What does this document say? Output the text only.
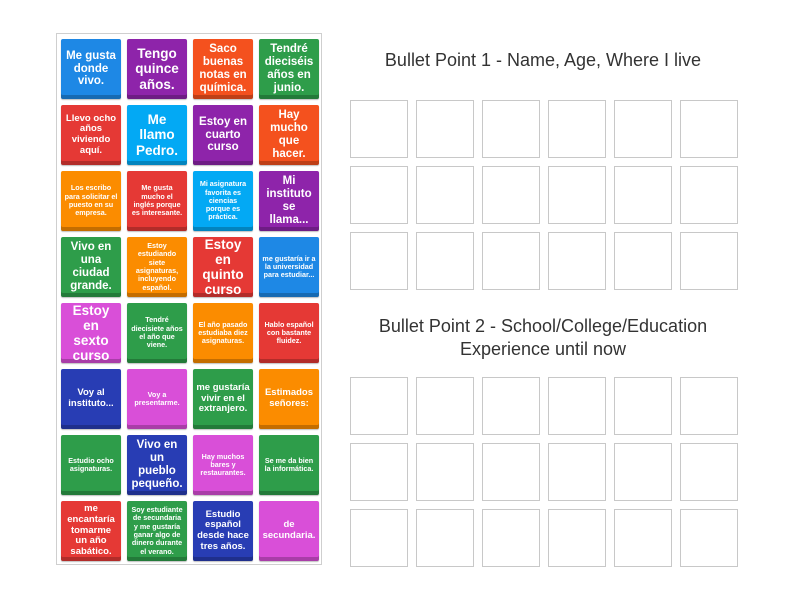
Me gusta donde vivo.
Tengo quince años.
Saco buenas notas en química.
Tendré dieciséis años en junio.
Llevo ocho años viviendo aquí.
Me llamo Pedro.
Estoy en cuarto curso
Hay mucho que hacer.
Los escribo para solicitar el puesto en su empresa.
Me gusta mucho el inglés porque es interesante.
Mi asignatura favorita es ciencias porque es práctica.
Mi instituto se llama...
Vivo en una ciudad grande.
Estoy estudiando siete asignaturas, incluyendo español.
Estoy en quinto curso
me gustaría ir a la universidad para estudiar...
Estoy en sexto curso
Tendré diecisiete años el año que viene.
El año pasado estudiaba diez asignaturas.
Hablo español con bastante fluidez.
Voy al instituto...
Voy a presentarme.
me gustaría vivir en el extranjero.
Estimados señores:
Estudio ocho asignaturas.
Vivo en un pueblo pequeño.
Hay muchos bares y restaurantes.
Se me da bien la informática.
me encantaría tomarme un año sabático.
Soy estudiante de secundaria y me gustaría ganar algo de dinero durante el verano.
Estudio español desde hace tres años.
de secundaria.
Bullet Point 1 - Name, Age, Where I live
Bullet Point 2 - School/College/Education Experience until now
